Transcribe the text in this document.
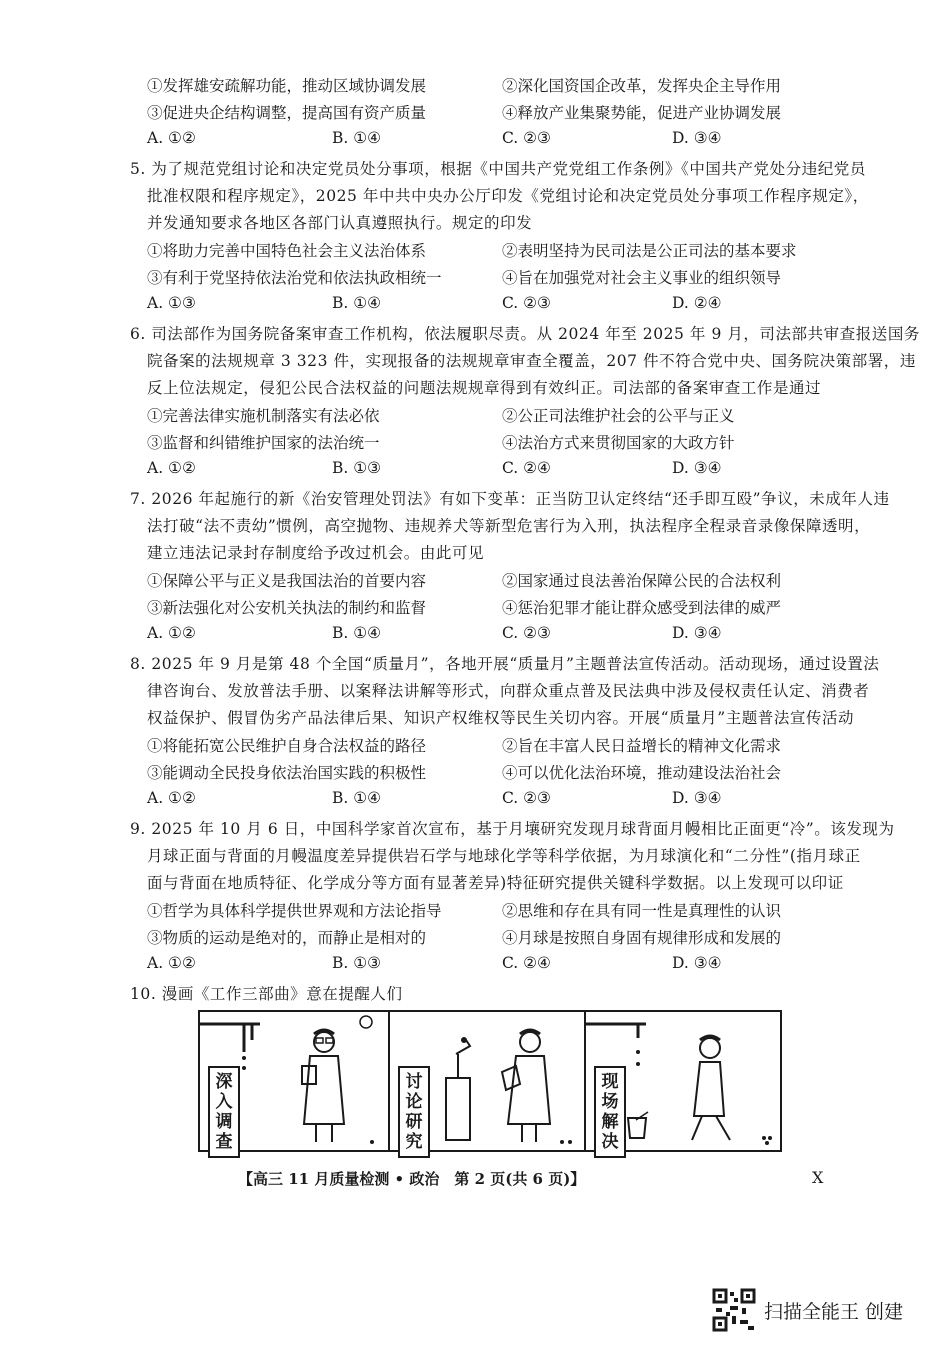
①发挥雄安疏解功能，推动区域协调发展	②深化国资国企改革，发挥央企主导作用
③促进央企结构调整，提高国有资产质量	④释放产业集聚势能，促进产业协调发展
A. ①②	B. ①④	C. ②③	D. ③④
5. 为了规范党组讨论和决定党员处分事项，根据《中国共产党党组工作条例》《中国共产党处分违纪党员
批准权限和程序规定》，2025 年中共中央办公厅印发《党组讨论和决定党员处分事项工作程序规定》，
并发通知要求各地区各部门认真遵照执行。规定的印发
①将助力完善中国特色社会主义法治体系	②表明坚持为民司法是公正司法的基本要求
③有利于党坚持依法治党和依法执政相统一	④旨在加强党对社会主义事业的组织领导
A. ①③	B. ①④	C. ②③	D. ②④
6. 司法部作为国务院备案审查工作机构，依法履职尽责。从 2024 年至 2025 年 9 月，司法部共审查报送国务
院备案的法规规章 3 323 件，实现报备的法规规章审查全覆盖，207 件不符合党中央、国务院决策部署，违
反上位法规定，侵犯公民合法权益的问题法规规章得到有效纠正。司法部的备案审查工作是通过
①完善法律实施机制落实有法必依	②公正司法维护社会的公平与正义
③监督和纠错维护国家的法治统一	④法治方式来贯彻国家的大政方针
A. ①②	B. ①③	C. ②④	D. ③④
7. 2026 年起施行的新《治安管理处罚法》有如下变革：正当防卫认定终结“还手即互殴”争议，未成年人违
法打破“法不责幼”惯例，高空抛物、违规养犬等新型危害行为入刑，执法程序全程录音录像保障透明，
建立违法记录封存制度给予改过机会。由此可见
①保障公平与正义是我国法治的首要内容	②国家通过良法善治保障公民的合法权利
③新法强化对公安机关执法的制约和监督	④惩治犯罪才能让群众感受到法律的威严
A. ①②	B. ①④	C. ②③	D. ③④
8. 2025 年 9 月是第 48 个全国“质量月”，各地开展“质量月”主题普法宣传活动。活动现场，通过设置法
律咨询台、发放普法手册、以案释法讲解等形式，向群众重点普及民法典中涉及侵权责任认定、消费者
权益保护、假冒伪劣产品法律后果、知识产权维权等民生关切内容。开展“质量月”主题普法宣传活动
①将能拓宽公民维护自身合法权益的路径	②旨在丰富人民日益增长的精神文化需求
③能调动全民投身依法治国实践的积极性	④可以优化法治环境，推动建设法治社会
A. ①②	B. ①④	C. ②③	D. ③④
9. 2025 年 10 月 6 日，中国科学家首次宣布，基于月壤研究发现月球背面月幔相比正面更“冷”。该发现为
月球正面与背面的月幔温度差异提供岩石学与地球化学等科学依据，为月球演化和“二分性”(指月球正
面与背面在地质特征、化学成分等方面有显著差异)特征研究提供关键科学数据。以上发现可以印证
①哲学为具体科学提供世界观和方法论指导	②思维和存在具有同一性是真理性的认识
③物质的运动是绝对的，而静止是相对的	④月球是按照自身固有规律形成和发展的
A. ①②	B. ①③	C. ②④	D. ③④
10. 漫画《工作三部曲》意在提醒人们
深入调查
讨论研究
现场解决
【高三 11 月质量检测 • 政治　第 2 页(共 6 页)】	X
扫描全能王 创建
